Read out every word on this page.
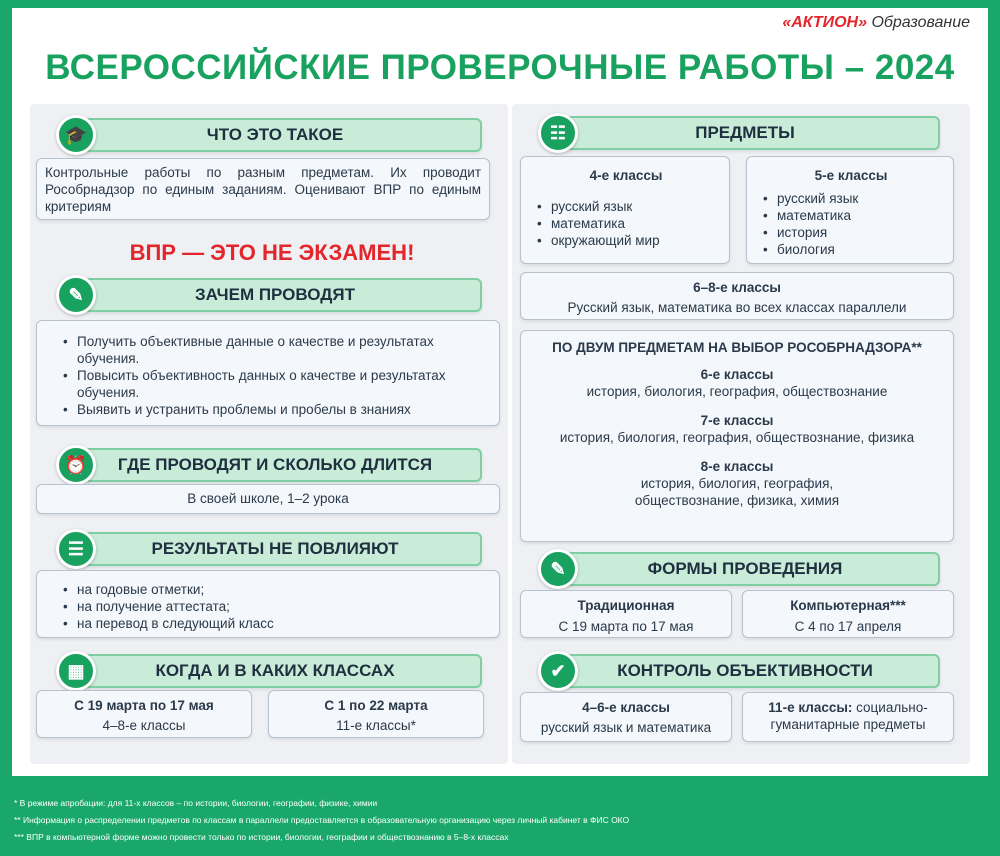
«АКТИОН» Образование
ВСЕРОССИЙСКИЕ ПРОВЕРОЧНЫЕ РАБОТЫ – 2024
ЧТО ЭТО ТАКОЕ
🎓
Контрольные работы по разным предметам. Их проводит Рособрнадзор по единым заданиям. Оценивают ВПР по единым критериям
ВПР — ЭТО НЕ ЭКЗАМЕН!
ЗАЧЕМ ПРОВОДЯТ
✎
• Получить объективные данные о качестве и результатах обучения.
• Повысить объективность данных о качестве и результатах обучения.
• Выявить и устранить проблемы и пробелы в знаниях
ГДЕ ПРОВОДЯТ И СКОЛЬКО ДЛИТСЯ
⏰
В своей школе, 1–2 урока
РЕЗУЛЬТАТЫ НЕ ПОВЛИЯЮТ
☰
• на годовые отметки;
• на получение аттестата;
• на перевод в следующий класс
КОГДА И В КАКИХ КЛАССАХ
▦
С 19 марта по 17 мая
4–8-е классы
С 1 по 22 марта
11-е классы*
ПРЕДМЕТЫ
☷
4-е классы
• русский язык
• математика
• окружающий мир
5-е классы
• русский язык
• математика
• история
• биология
6–8-е классы
Русский язык, математика во всех классах параллели
ПО ДВУМ ПРЕДМЕТАМ НА ВЫБОР РОСОБРНАДЗОРА**
6-е классы
история, биология, география, обществознание
7-е классы
история, биология, география, обществознание, физика
8-е классы
история, биология, география, обществознание, физика, химия
ФОРМЫ ПРОВЕДЕНИЯ
✎
Традиционная
С 19 марта по 17 мая
Компьютерная***
С 4 по 17 апреля
КОНТРОЛЬ ОБЪЕКТИВНОСТИ
✔
4–6-е классы
русский язык и математика
11-е классы: социально-гуманитарные предметы
* В режиме апробации: для 11-х классов – по истории, биологии, географии, физике, химии
** Информация о распределении предметов по классам в параллели предоставляется в образовательную организацию через личный кабинет в ФИС ОКО
*** ВПР в компьютерной форме можно провести только по истории, биологии, географии и обществознанию в 5–8-х классах
